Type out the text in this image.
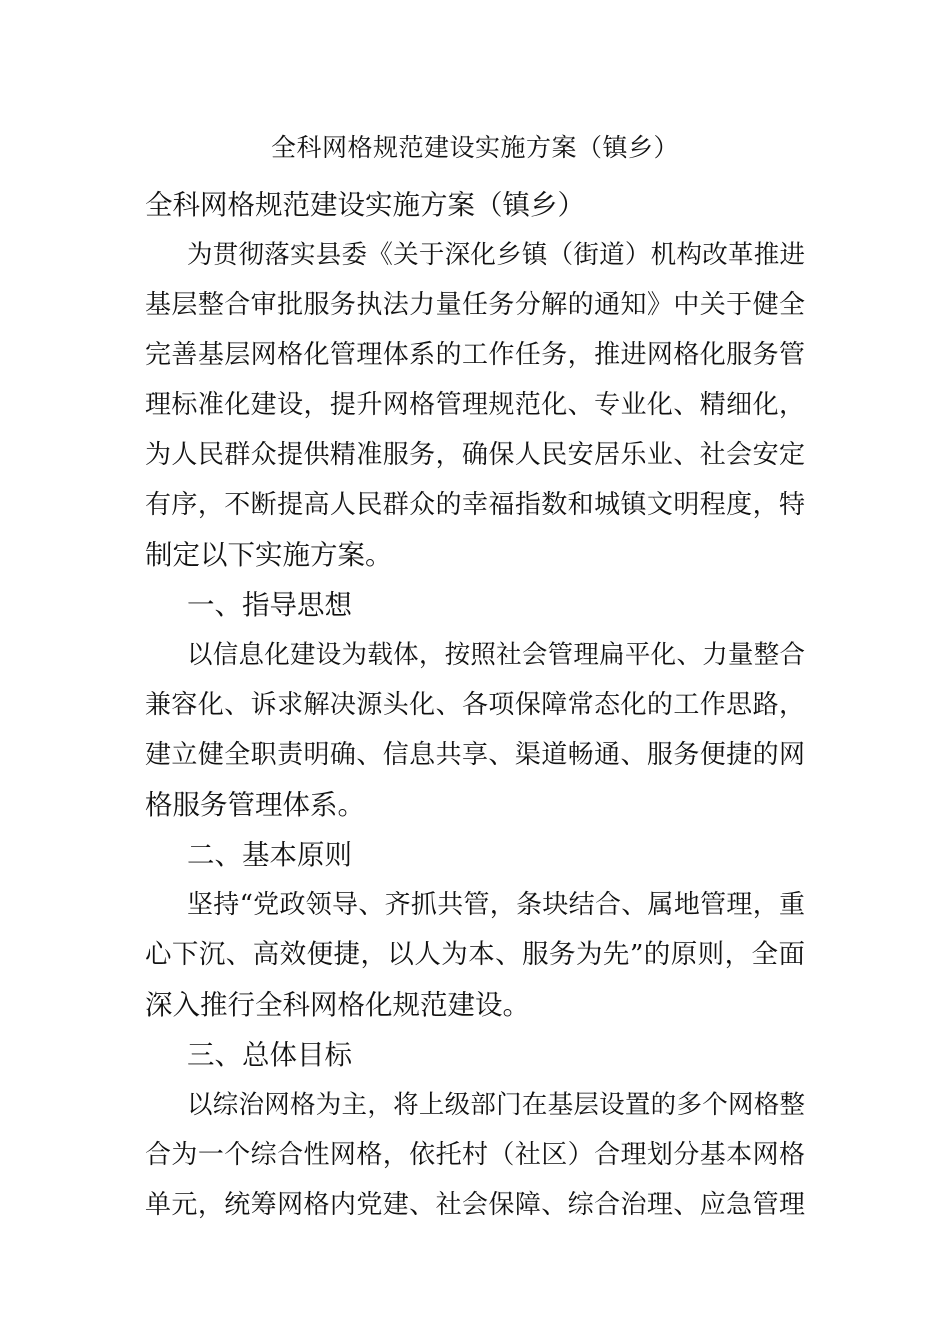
全科网格规范建设实施方案（镇乡）
全科网格规范建设实施方案（镇乡）
为贯彻落实县委《关于深化乡镇（街道）机构改革推进
基层整合审批服务执法力量任务分解的通知》中关于健全
完善基层网格化管理体系的工作任务，推进网格化服务管
理标准化建设，提升网格管理规范化、专业化、精细化，
为人民群众提供精准服务，确保人民安居乐业、社会安定
有序，不断提高人民群众的幸福指数和城镇文明程度，特
制定以下实施方案。
一、指导思想
以信息化建设为载体，按照社会管理扁平化、力量整合
兼容化、诉求解决源头化、各项保障常态化的工作思路，
建立健全职责明确、信息共享、渠道畅通、服务便捷的网
格服务管理体系。
二、基本原则
坚持“党政领导、齐抓共管，条块结合、属地管理，重
心下沉、高效便捷，以人为本、服务为先”的原则，全面
深入推行全科网格化规范建设。
三、总体目标
以综治网格为主，将上级部门在基层设置的多个网格整
合为一个综合性网格，依托村（社区）合理划分基本网格
单元，统筹网格内党建、社会保障、综合治理、应急管理
